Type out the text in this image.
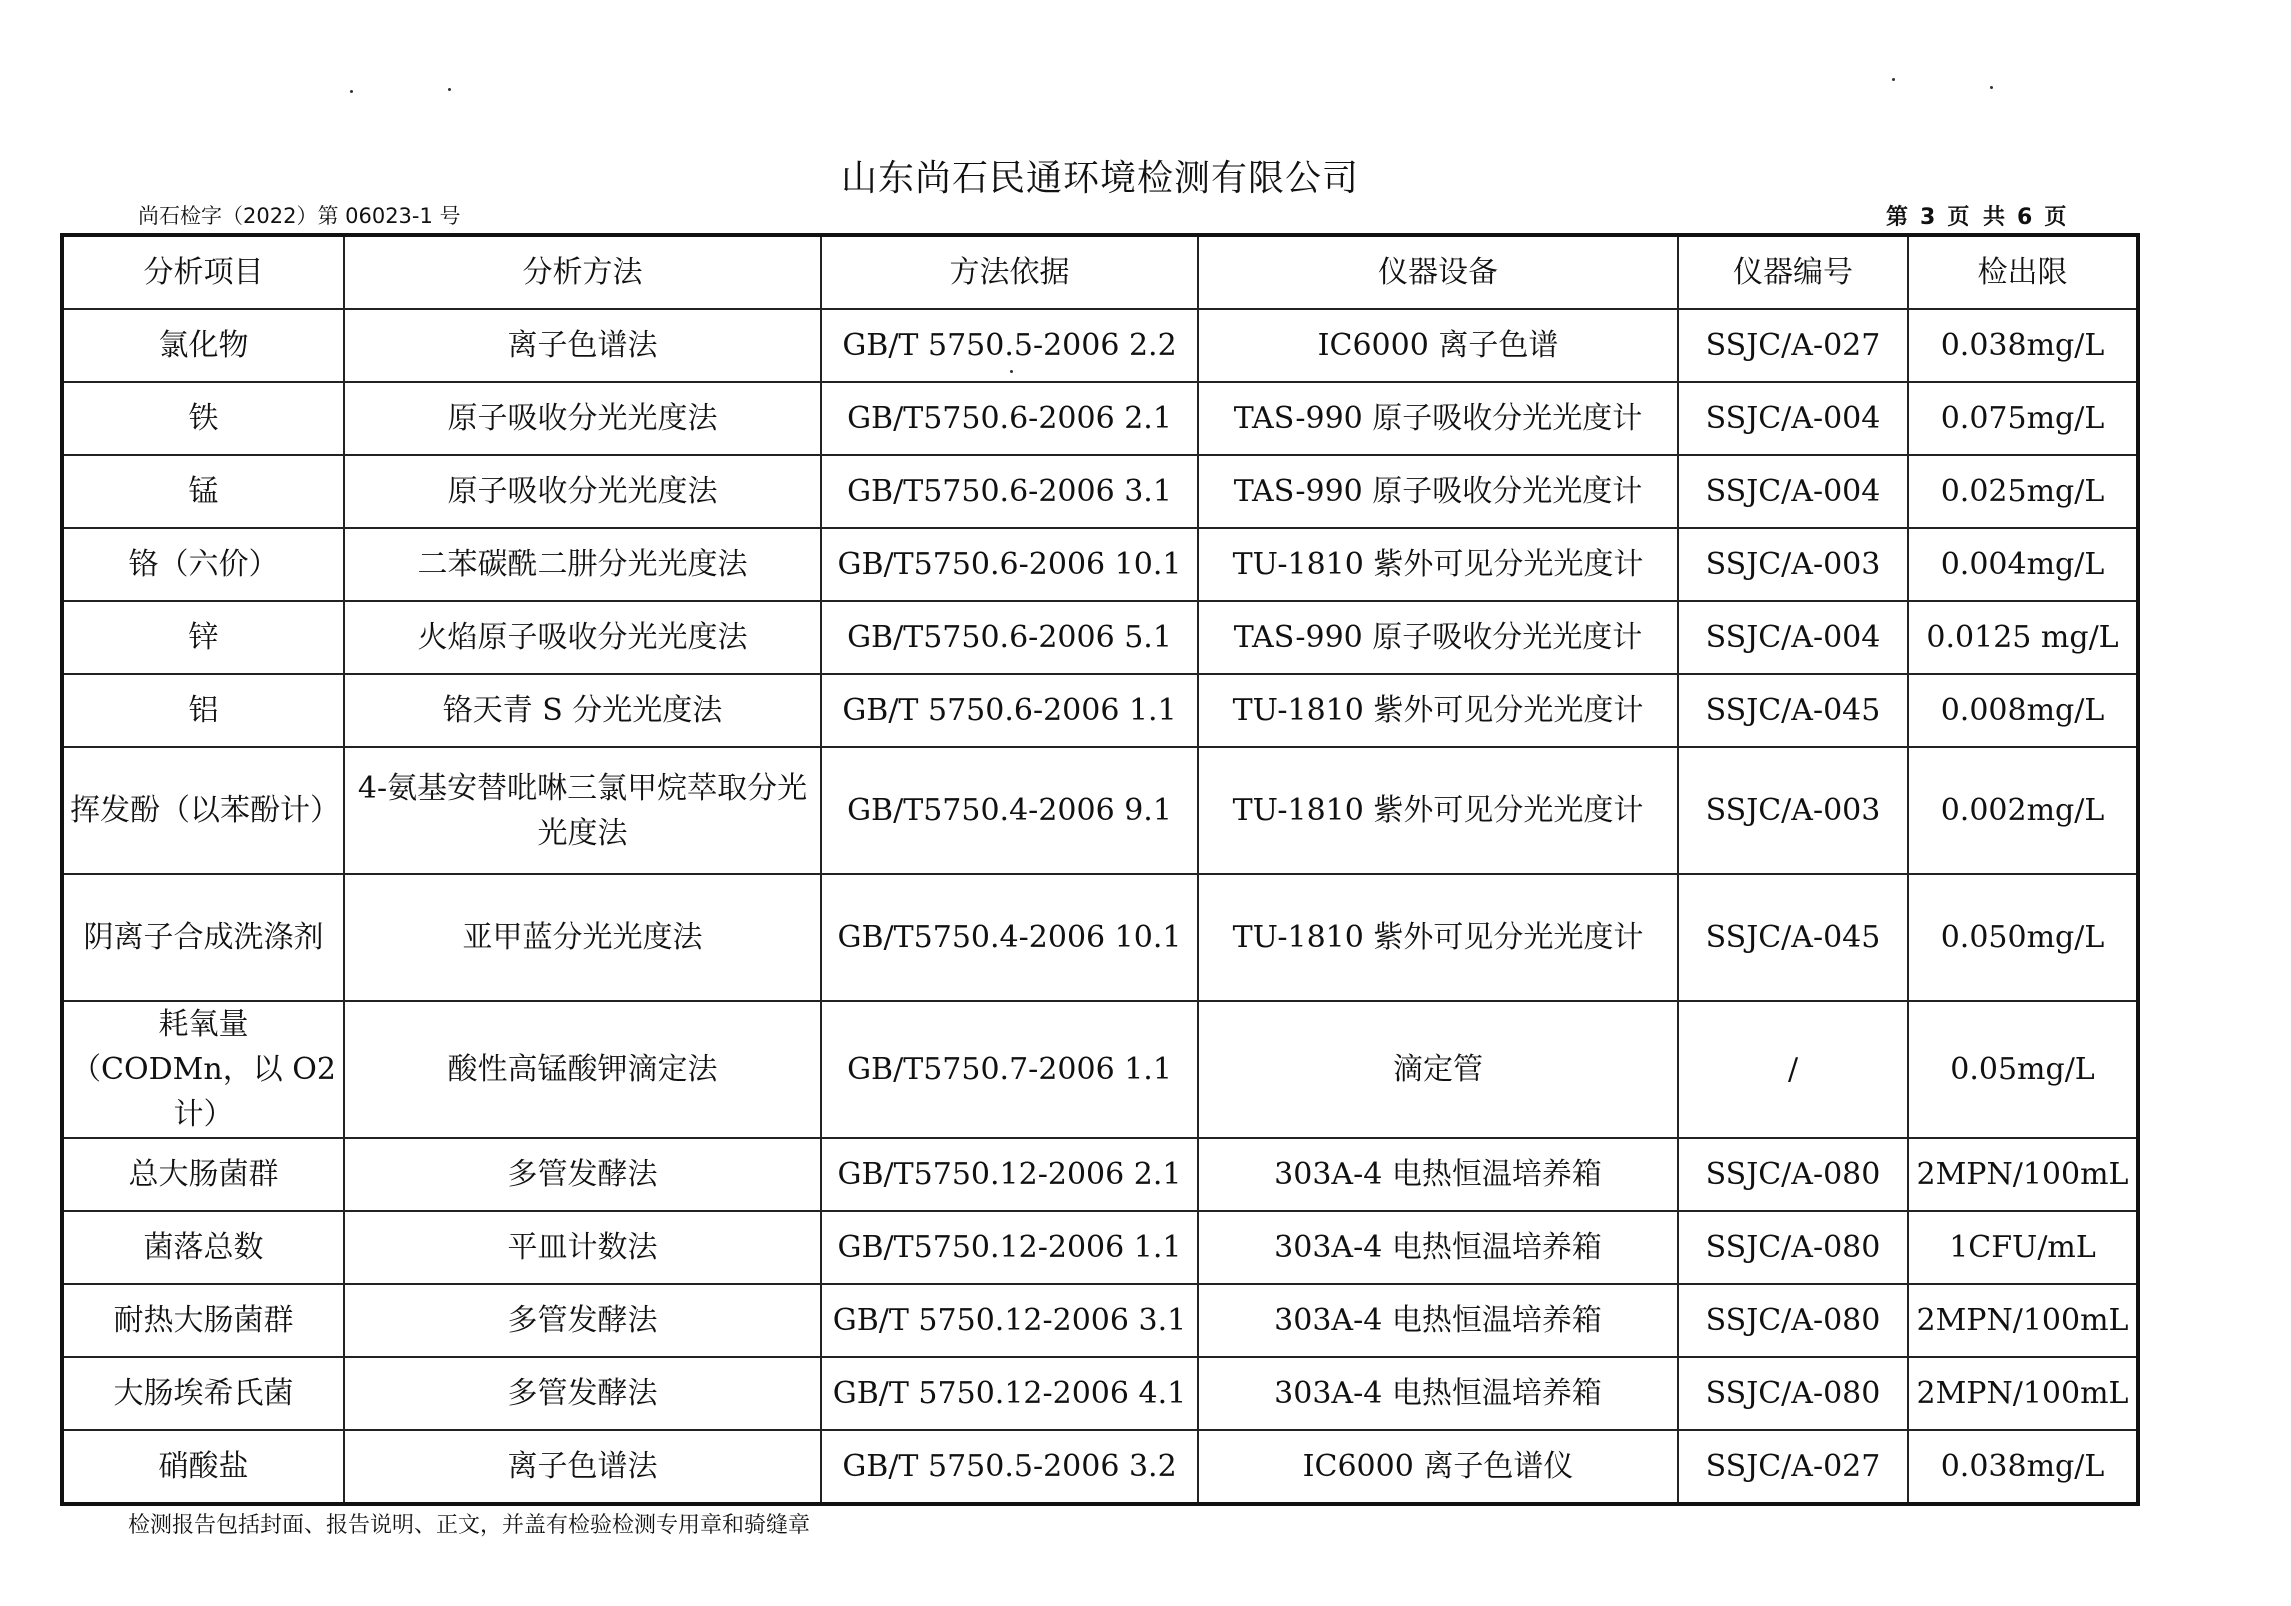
山东尚石民通环境检测有限公司
尚石检字（2022）第 06023-1 号	第 3 页 共 6 页
分析项目	分析方法	方法依据	仪器设备	仪器编号	检出限
氯化物	离子色谱法	GB/T 5750.5-2006 2.2	IC6000 离子色谱	SSJC/A-027	0.038mg/L
铁	原子吸收分光光度法	GB/T5750.6-2006 2.1	TAS-990 原子吸收分光光度计	SSJC/A-004	0.075mg/L
锰	原子吸收分光光度法	GB/T5750.6-2006 3.1	TAS-990 原子吸收分光光度计	SSJC/A-004	0.025mg/L
铬（六价）	二苯碳酰二肼分光光度法	GB/T5750.6-2006 10.1	TU-1810 紫外可见分光光度计	SSJC/A-003	0.004mg/L
锌	火焰原子吸收分光光度法	GB/T5750.6-2006 5.1	TAS-990 原子吸收分光光度计	SSJC/A-004	0.0125 mg/L
铝	铬天青 S 分光光度法	GB/T 5750.6-2006 1.1	TU-1810 紫外可见分光光度计	SSJC/A-045	0.008mg/L
挥发酚（以苯酚计）	4-氨基安替吡啉三氯甲烷萃取分光光度法	GB/T5750.4-2006 9.1	TU-1810 紫外可见分光光度计	SSJC/A-003	0.002mg/L
阴离子合成洗涤剂	亚甲蓝分光光度法	GB/T5750.4-2006 10.1	TU-1810 紫外可见分光光度计	SSJC/A-045	0.050mg/L
耗氧量（CODMn，以 O2 计）	酸性高锰酸钾滴定法	GB/T5750.7-2006 1.1	滴定管	/	0.05mg/L
总大肠菌群	多管发酵法	GB/T5750.12-2006 2.1	303A-4 电热恒温培养箱	SSJC/A-080	2MPN/100mL
菌落总数	平皿计数法	GB/T5750.12-2006 1.1	303A-4 电热恒温培养箱	SSJC/A-080	1CFU/mL
耐热大肠菌群	多管发酵法	GB/T 5750.12-2006 3.1	303A-4 电热恒温培养箱	SSJC/A-080	2MPN/100mL
大肠埃希氏菌	多管发酵法	GB/T 5750.12-2006 4.1	303A-4 电热恒温培养箱	SSJC/A-080	2MPN/100mL
硝酸盐	离子色谱法	GB/T 5750.5-2006 3.2	IC6000 离子色谱仪	SSJC/A-027	0.038mg/L
检测报告包括封面、报告说明、正文，并盖有检验检测专用章和骑缝章
